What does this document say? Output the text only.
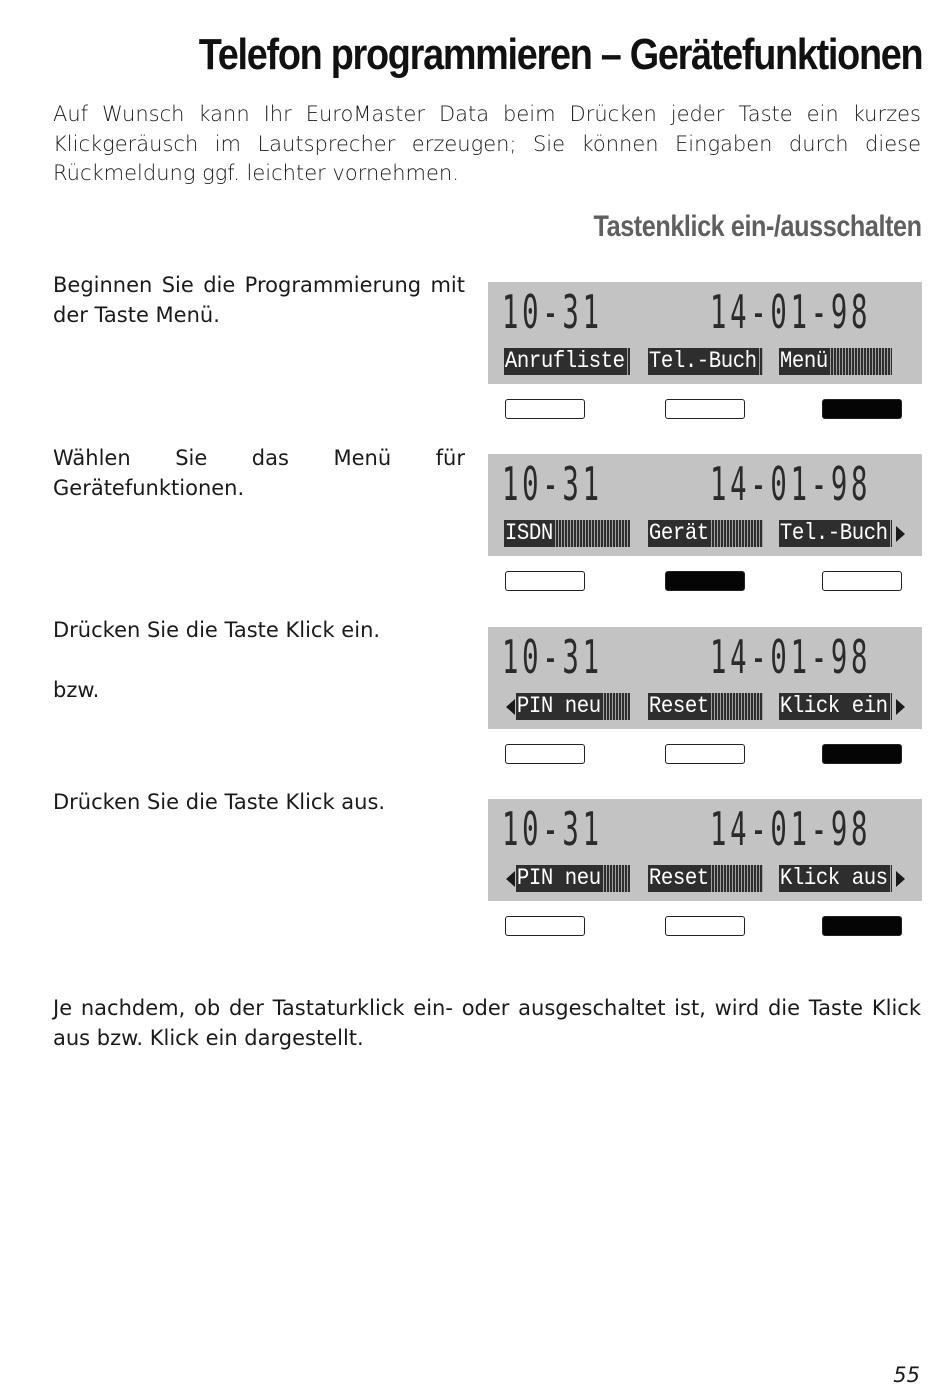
Telefon programmieren – Gerätefunktionen
Auf Wunsch kann Ihr EuroMaster Data beim Drücken jeder Taste ein kurzes Klickgeräusch im Lautsprecher erzeugen; Sie können Eingaben durch diese Rückmeldung ggf. leichter vornehmen.
Tastenklick ein-/ausschalten

Beginnen Sie die Programmierung mit der Taste Menü.	10-31 14-01-98
Anrufliste Tel.-Buch Menü

Wählen Sie das Menü für Gerätefunktionen.	10-31 14-01-98
ISDN	Gerät	Tel.-Buch

Drücken Sie die Taste Klick ein.

bzw.

10-31 14-01-98
PIN neu	Reset	Klick ein

Drücken Sie die Taste Klick aus.

10-31 14-01-98
PIN neu	Reset	Klick aus
Je nachdem, ob der Tastaturklick ein- oder ausgeschaltet ist, wird die Taste Klick aus bzw. Klick ein dargestellt.
55
